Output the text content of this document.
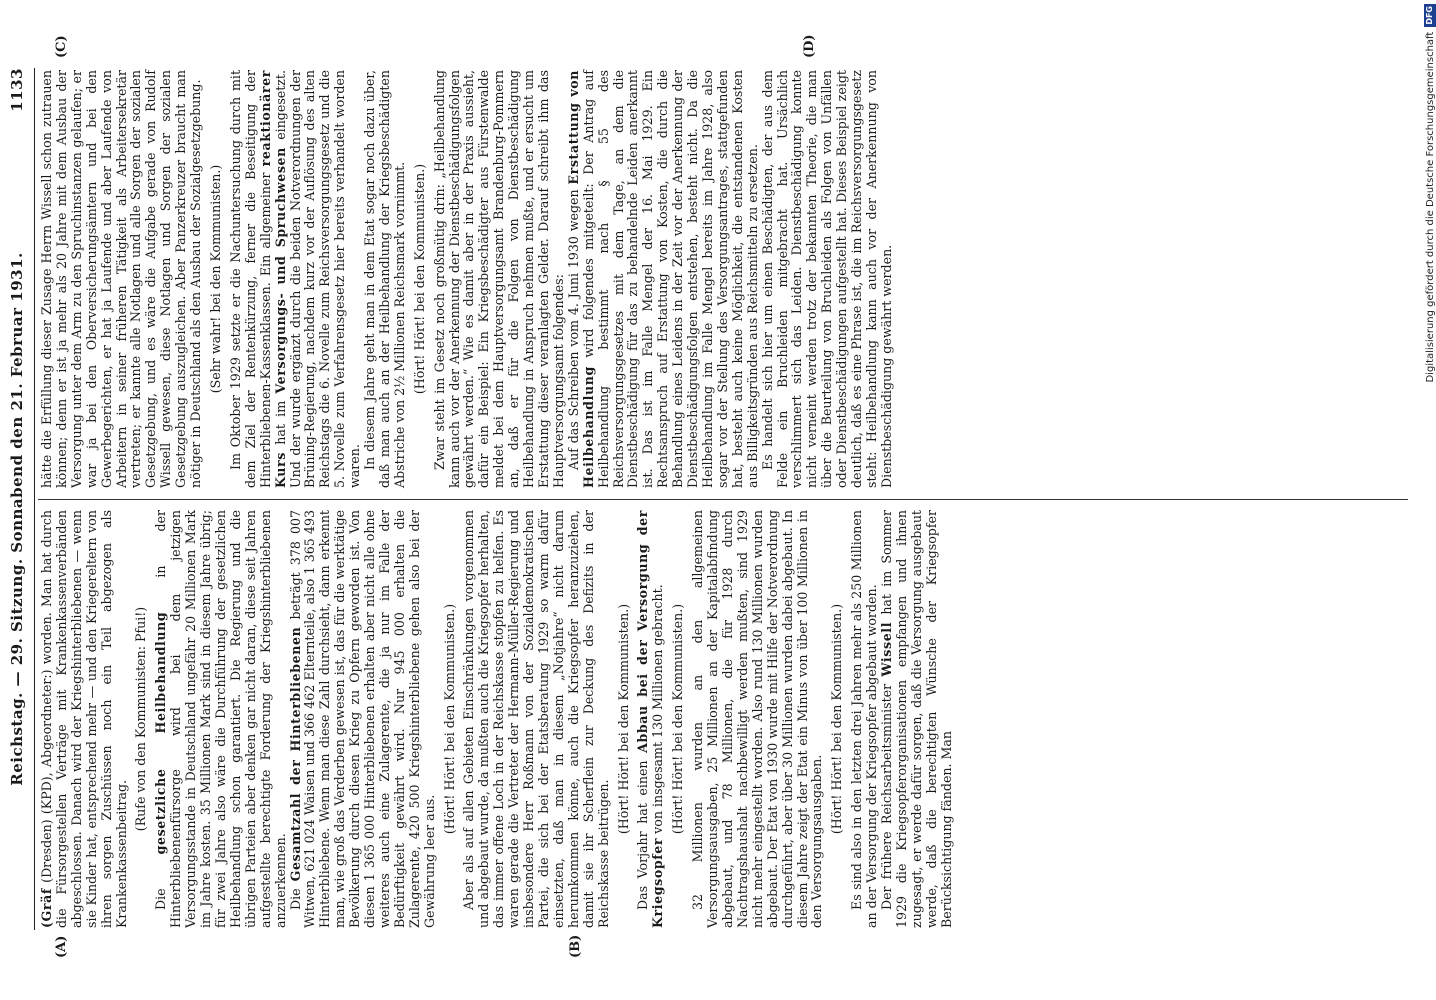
Reichstag. — 29. Sitzung. Sonnabend den 21. Februar 1931.
1133
(A)	(B)
(C)	(D)

(Gräf (Dresden) (KPD), Abgeordneter:) worden. Man hat durch die Fürsorgestellen Verträge mit Krankenkassenverbänden abgeschlossen. Danach wird der Kriegshinterbliebenen — wenn sie Kinder hat, entsprechend mehr — und den Kriegereltern von ihren sorgen Zuschüssen noch ein Teil abgezogen als Krankenkassenbeitrag.

(Rufe von den Kommunisten: Pfui!)

Die gesetzliche Heilbehandlung in der Hinterbliebenenfürsorge wird bei dem jetzigen Versorgungsstande in Deutschland ungefähr 20 Millionen Mark im Jahre kosten. 35 Millionen Mark sind in diesem Jahre übrig; für zwei Jahre also wäre die Durchführung der gesetzlichen Heilbehandlung schon garantiert. Die Regierung und die übrigen Parteien aber denken gar nicht daran, diese seit Jahren aufgestellte berechtigte Forderung der Kriegshinterbliebenen anzuerkennen. Die Gesamtzahl der Hinterbliebenen beträgt 378 007 Witwen, 621 024 Waisen und 366 462 Elternteile, also 1 365 493 Hinterbliebene. Wenn man diese Zahl durchsieht, dann erkennt man, wie groß das Verderben gewesen ist, das für die werktätige Bevölkerung durch diesen Krieg zu Opfern geworden ist. Von diesen 1 365 000 Hinterbliebenen erhalten aber nicht alle ohne weiteres auch eine Zulagerente, die ja nur im Falle der Bedürftigkeit gewährt wird. Nur 945 000 erhalten die Zulagerente, 420 500 Kriegshinterbliebene gehen also bei der Gewährung leer aus.

(Hört! Hört! bei den Kommunisten.) Aber als auf allen Gebieten Einschränkungen vorgenommen und abgebaut wurde, da mußten auch die Kriegsopfer herhalten, das immer offene Loch in der Reichskasse stopfen zu helfen. Es waren gerade die Vertreter der Hermann-Müller-Regierung und insbesondere Herr Roßmann von der Sozialdemokratischen Partei, die sich bei der Etatsberatung 1929 so warm dafür einsetzten, daß man in diesem „Notjahre“ nicht darum herumkommen könne, auch die Kriegsopfer heranzuziehen, damit sie ihr Scherflein zur Deckung des Defizits in der Reichskasse beitrügen.

(Hört! Hört! bei den Kommunisten.) Das Vorjahr hat einen Abbau bei der Versorgung der Kriegsopfer von insgesamt 130 Millionen gebracht. (Hört! Hört! bei den Kommunisten.) 32 Millionen wurden an den allgemeinen Versorgungsausgaben, 25 Millionen an der Kapitalabfindung abgebaut, und 78 Millionen, die für 1928 durch Nachtragshaushalt nachbewilligt werden mußten, sind 1929 nicht mehr eingestellt worden. Also rund 130 Millionen wurden abgebaut. Der Etat von 1930 wurde mit Hilfe der Notverordnung durchgeführt, aber über 30 Millionen wurden dabei abgebaut. In diesem Jahre zeigt der Etat ein Minus von über 100 Millionen in den Versorgungsausgaben.

(Hört! Hört! bei den Kommunisten.) Es sind also in den letzten drei Jahren mehr als 250 Millionen an der Versorgung der Kriegsopfer abgebaut worden. Der frühere Reichsarbeitsminister Wissell hat im Sommer 1929 die Kriegsopferorganisationen empfangen und ihnen zugesagt, er werde dafür sorgen, daß die Versorgung ausgebaut werde, daß die berechtigten Wünsche der Kriegsopfer Berücksichtigung fänden. Man

hätte die Erfüllung dieser Zusage Herrn Wissell schon zutrauen können; denn er ist ja mehr als 20 Jahre mit dem Ausbau der Versorgung unter dem Arm zu den Spruchinstanzen gelaufen; er war ja bei den Oberversicherungsämtern und bei den Gewerbegerichten, er hat ja Laufende und aber Laufende von Arbeitern in seiner früheren Tätigkeit als Arbeitersekretär vertreten; er kannte alle Notlagen und alle Sorgen der sozialen Gesetzgebung, und es wäre die Aufgabe gerade von Rudolf Wissell gewesen, diese Notlagen und Sorgen der sozialen Gesetzgebung auszugleichen. Aber Panzerkreuzer braucht man nötiger in Deutschland als den Ausbau der Sozialgesetzgebung. (Sehr wahr! bei den Kommunisten.) Im Oktober 1929 setzte er die Nachuntersuchung durch mit dem Ziel der Rentenkürzung, ferner die Beseitigung der Hinterbliebenen-Kassenklassen. Ein allgemeiner reaktionärer Kurs hat im Versorgungs- und Spruchwesen eingesetzt. Und der wurde ergänzt durch die beiden Notverordnungen der Brüning-Regierung, nachdem kurz vor der Auflösung des alten Reichstags die 6. Novelle zum Reichsversorgungsgesetz und die 5. Novelle zum Verfahrensgesetz hier bereits verhandelt worden waren. In diesem Jahre geht man in dem Etat sogar noch dazu über, daß man auch an der Heilbehandlung der Kriegsbeschädigten Abstriche von 2½ Millionen Reichsmark vornimmt. (Hört! Hört! bei den Kommunisten.) Zwar steht im Gesetz noch großmütig drin: „Heilbehandlung kann auch vor der Anerkennung der Dienstbeschädigungsfolgen gewährt werden.“ Wie es damit aber in der Praxis aussieht, dafür ein Beispiel: Ein Kriegsbeschädigter aus Fürstenwalde meldet bei dem Hauptversorgungsamt Brandenburg-Pommern an, daß er für die Folgen von Dienstbeschädigung Heilbehandlung in Anspruch nehmen mußte, und er ersucht um Erstattung dieser veranlagten Gelder. Darauf schreibt ihm das Hauptversorgungsamt folgendes: Auf das Schreiben vom 4. Juni 1930 wegen Erstattung von Heilbehandlung wird folgendes mitgeteilt: Der Antrag auf Heilbehandlung bestimmt nach § 55 des Reichsversorgungsgesetzes mit dem Tage, an dem die Dienstbeschädigung für das zu behandelnde Leiden anerkannt ist. Das ist im Falle Mengel der 16. Mai 1929. Ein Rechtsanspruch auf Erstattung von Kosten, die durch die Behandlung eines Leidens in der Zeit vor der Anerkennung der Dienstbeschädigungsfolgen entstehen, besteht nicht. Da die Heilbehandlung im Falle Mengel bereits im Jahre 1928, also sogar vor der Stellung des Versorgungsantrages, stattgefunden hat, besteht auch keine Möglichkeit, die entstandenen Kosten aus Billigkeitsgründen aus Reichsmitteln zu ersetzen. Es handelt sich hier um einen Beschädigten, der aus dem Felde ein Bruchleiden mitgebracht hat. Ursächlich verschlimmert sich das Leiden. Dienstbeschädigung konnte nicht verneint werden trotz der bekannten Theorie, die man über die Beurteilung von Bruchleiden als Folgen von Unfällen oder Dienstbeschädigungen aufgestellt hat. Dieses Beispiel zeigt deutlich, daß es eine Phrase ist, die im Reichsversorgungsgesetz steht: Heilbehandlung kann auch vor der Anerkennung von Dienstbeschädigung gewährt werden.	Digitalisierung gefördert durch die Deutsche Forschungsgemeinschaft
DFG
